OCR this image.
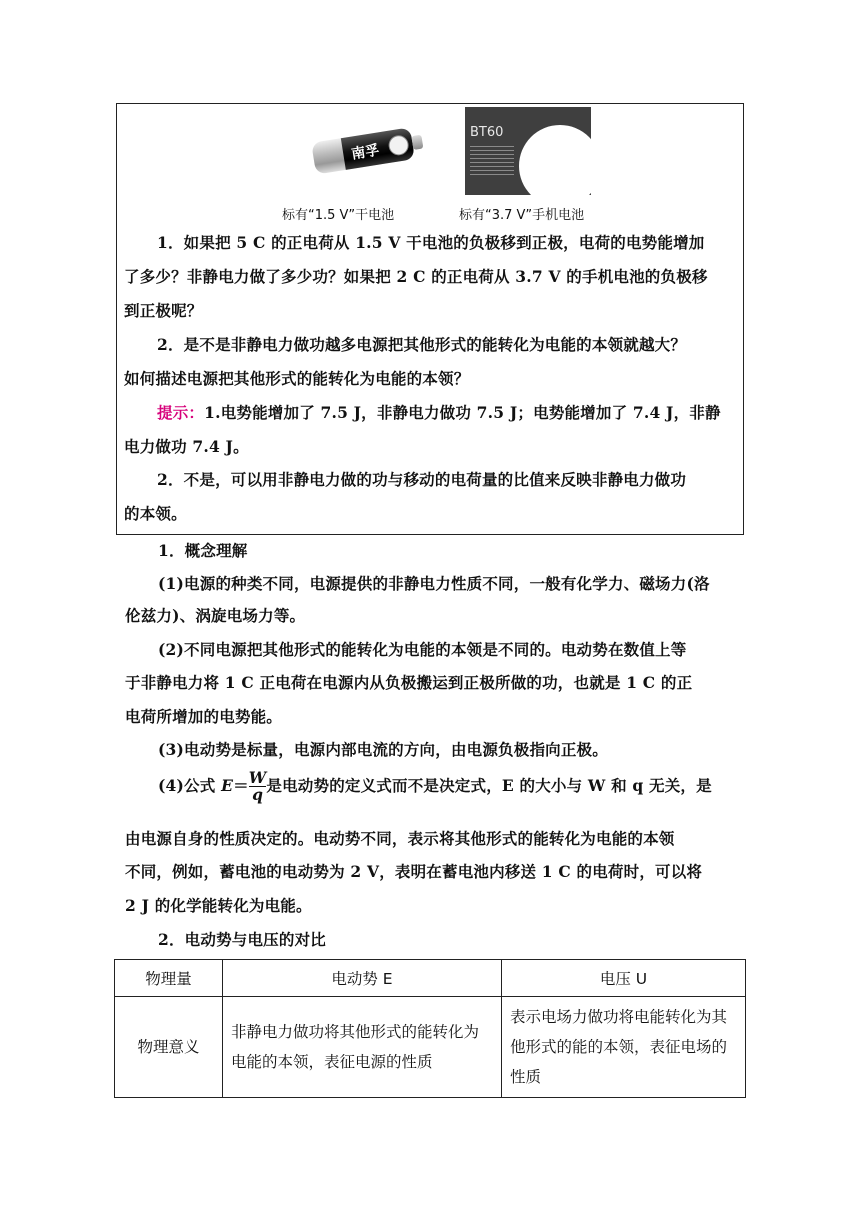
南孚
BT60
标有“1.5 V”干电池	标有“3.7 V”手机电池
1．如果把 5 C 的正电荷从 1.5 V 干电池的负极移到正极，电荷的电势能增加
了多少？非静电力做了多少功？如果把 2 C 的正电荷从 3.7 V 的手机电池的负极移
到正极呢？
2．是不是非静电力做功越多电源把其他形式的能转化为电能的本领就越大？
如何描述电源把其他形式的能转化为电能的本领？
提示：1.电势能增加了 7.5 J，非静电力做功 7.5 J；电势能增加了 7.4 J，非静
电力做功 7.4 J。
2．不是，可以用非静电力做的功与移动的电荷量的比值来反映非静电力做功
的本领。
1．概念理解
(1)电源的种类不同，电源提供的非静电力性质不同，一般有化学力、磁场力(洛
伦兹力)、涡旋电场力等。
(2)不同电源把其他形式的能转化为电能的本领是不同的。电动势在数值上等
于非静电力将 1 C 正电荷在电源内从负极搬运到正极所做的功，也就是 1 C 的正
电荷所增加的电势能。
(3)电动势是标量，电源内部电流的方向，由电源负极指向正极。
(4)公式 $E= \frac{W}{q}$ 是电动势的定义式而不是决定式，E 的大小与 W 和 q 无关，是
由电源自身的性质决定的。电动势不同，表示将其他形式的能转化为电能的本领
不同，例如，蓄电池的电动势为 2 V，表明在蓄电池内移送 1 C 的电荷时，可以将
2 J 的化学能转化为电能。
2．电动势与电压的对比
物理量	电动势 E	电压 U
物理意义	非静电力做功将其他形式的能转化为电能的本领，表征电源的性质	表示电场力做功将电能转化为其他形式的能的本领，表征电场的性质
